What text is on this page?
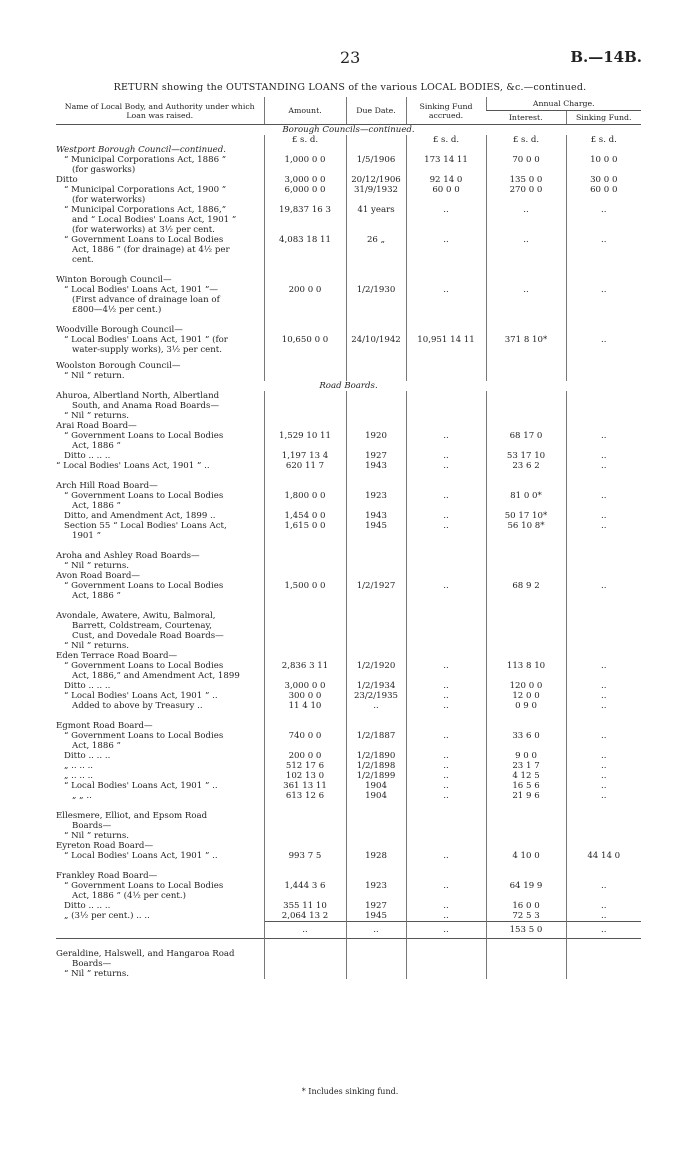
23	B.—14B.
RETURN showing the OUTSTANDING LOANS of the various LOCAL BODIES, &c.—continued.
Name of Local Body, and Authority under which Loan was raised.	Amount.	Due Date.	Sinking Fund accrued.	Annual Charge.	
				Interest.	Sinking Fund.
Borough Councils—continued.					
	£ s. d.		£ s. d.	£ s. d.	£ s. d.

Westport Borough Council—continued.
“ Municipal Corporations Act, 1886 ”
(for gasworks)	1,000 0 0	1/5/1906	173 14 11	70 0 0	10 0 0

Ditto	3,000 0 0	20/12/1906	92 14 0	135 0 0	30 0 0

“ Municipal Corporations Act, 1900 ”
(for waterworks)	6,000 0 0	31/9/1932	60 0 0	270 0 0	60 0 0

“ Municipal Corporations Act, 1886,”
and “ Local Bodies' Loans Act, 1901 ”
(for waterworks) at 3½ per cent.	19,837 16 3	41 years	..	..	..

“ Government Loans to Local Bodies
Act, 1886 ” (for drainage) at 4½ per
cent.	4,083 18 11	26 „	..	..	..

Winton Borough Council—
“ Local Bodies' Loans Act, 1901 ”—
(First advance of drainage loan of
£800—4½ per cent.)	200 0 0	1/2/1930	..	..	..

Woodville Borough Council—
“ Local Bodies' Loans Act, 1901 ” (for
water-supply works), 3½ per cent.	10,650 0 0	24/10/1942	10,951 14 11	371 8 10*	..

Woolston Borough Council—
“ Nil ” return.					

Road Boards.					

Ahuroa, Albertland North, Albertland
South, and Anama Road Boards—
“ Nil ” returns.					

Arai Road Board—
“ Government Loans to Local Bodies
Act, 1886 ”	1,529 10 11	1920	..	68 17 0	..

Ditto .. .. ..	1,197 13 4	1927	..	53 17 10	..

“ Local Bodies' Loans Act, 1901 ” ..	620 11 7	1943	..	23 6 2	..

Arch Hill Road Board—
“ Government Loans to Local Bodies
Act, 1886 ”	1,800 0 0	1923	..	81 0 0*	..

Ditto, and Amendment Act, 1899 ..	1,454 0 0	1943	..	50 17 10*	..

Section 55 “ Local Bodies' Loans Act,
1901 ”	1,615 0 0	1945	..	56 10 8*	..

Aroha and Ashley Road Boards—
“ Nil ” returns.					

Avon Road Board—
“ Government Loans to Local Bodies
Act, 1886 ”	1,500 0 0	1/2/1927	..	68 9 2	..

Avondale, Awatere, Awitu, Balmoral,
Barrett, Coldstream, Courtenay,
Cust, and Dovedale Road Boards—
“ Nil ” returns.					

Eden Terrace Road Board—
“ Government Loans to Local Bodies
Act, 1886,” and Amendment Act, 1899	2,836 3 11	1/2/1920	..	113 8 10	..

Ditto .. .. ..	3,000 0 0	1/2/1934	..	120 0 0	..

“ Local Bodies' Loans Act, 1901 ” ..	300 0 0	23/2/1935	..	12 0 0	..

Added to above by Treasury ..	11 4 10	..	..	0 9 0	..

Egmont Road Board—
“ Government Loans to Local Bodies
Act, 1886 ”	740 0 0	1/2/1887	..	33 6 0	..

Ditto .. .. ..	200 0 0	1/2/1890	..	9 0 0	..

„ .. .. ..	512 17 6	1/2/1898	..	23 1 7	..

„ .. .. ..	102 13 0	1/2/1899	..	4 12 5	..

“ Local Bodies' Loans Act, 1901 ” ..	361 13 11	1904	..	16 5 6	..

„ „ ..	613 12 6	1904	..	21 9 6	..

Ellesmere, Elliot, and Epsom Road
Boards—
“ Nil ” returns.
Eyreton Road Board—					

“ Local Bodies' Loans Act, 1901 ” ..	993 7 5	1928	..	4 10 0	44 14 0

Frankley Road Board—
“ Government Loans to Local Bodies
Act, 1886 ” (4½ per cent.)	1,444 3 6	1923	..	64 19 9	..

Ditto .. .. ..	355 11 10	1927	..	16 0 0	..

„ (3½ per cent.) .. ..	2,064 13 2	1945	..	72 5 3	..
	..	..	..	153 5 0	..

Geraldine, Halswell, and Hangaroa Road
Boards—
“ Nil ” returns.					

* Includes sinking fund.
